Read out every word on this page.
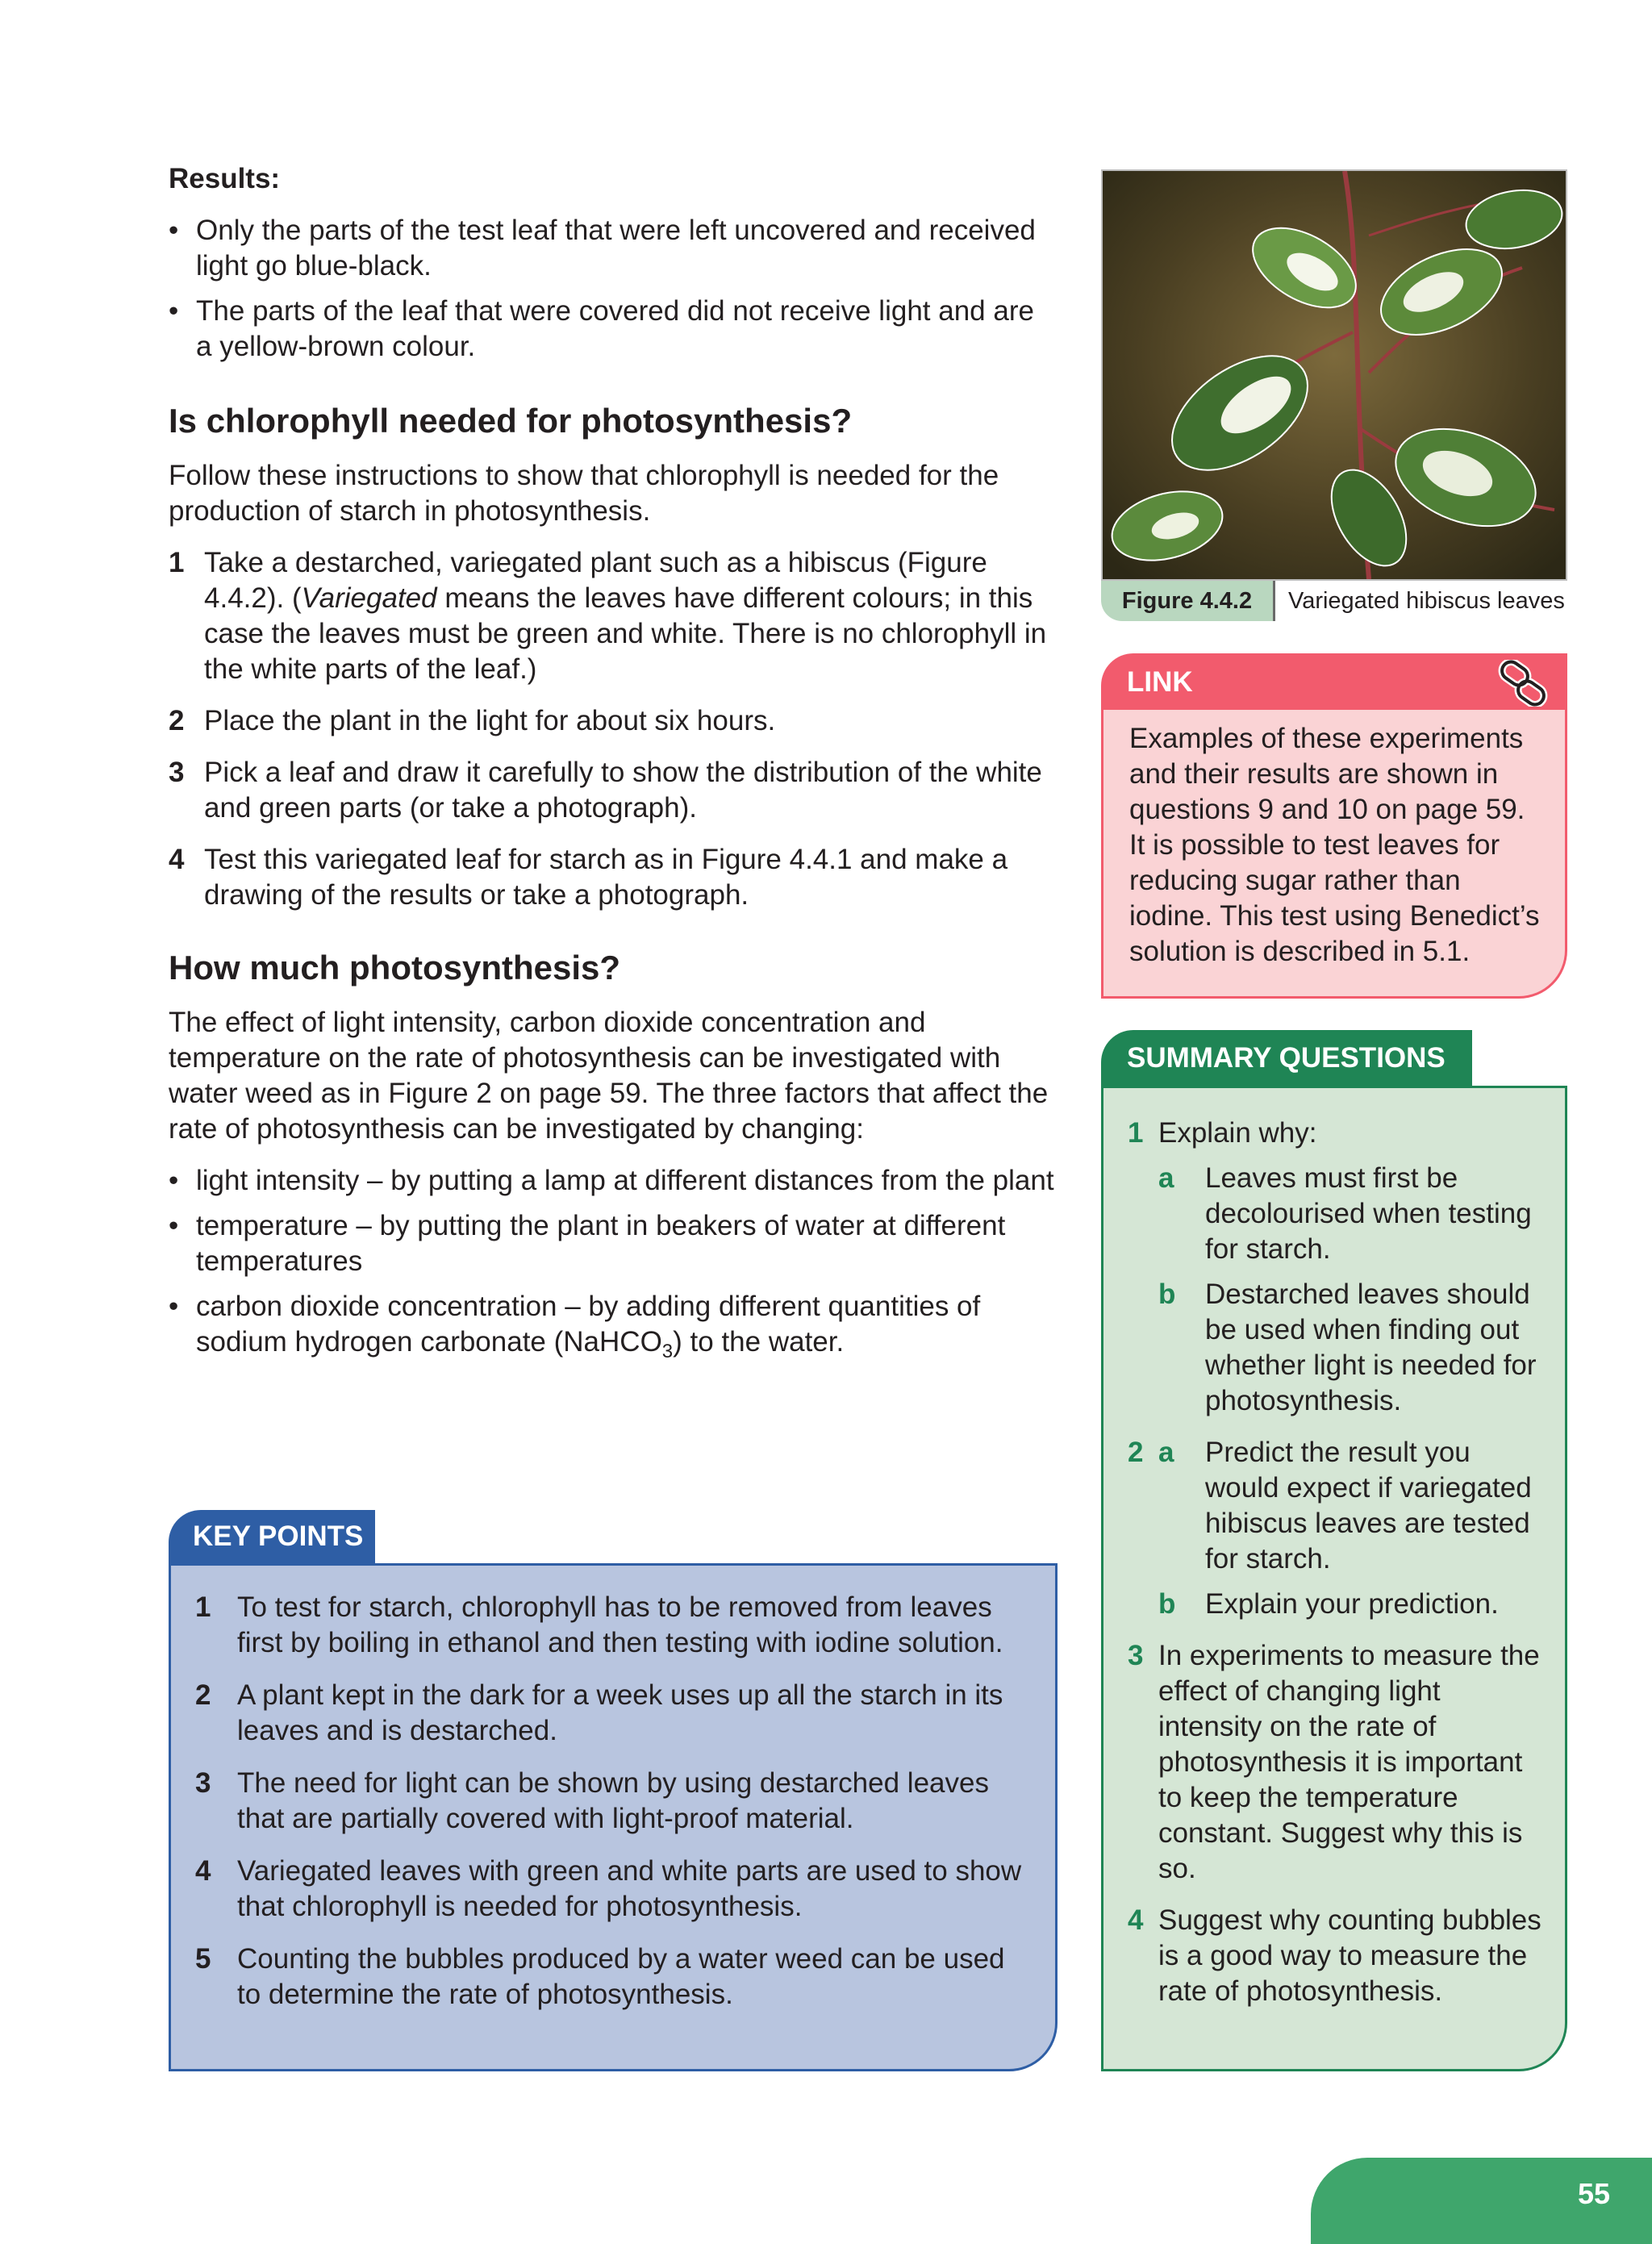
Results:

• Only the parts of the test leaf that were left uncovered and received light go blue-black.
• The parts of the leaf that were covered did not receive light and are a yellow-brown colour.
Is chlorophyll needed for photosynthesis?

Follow these instructions to show that chlorophyll is needed for the production of starch in photosynthesis.

1 Take a destarched, variegated plant such as a hibiscus (Figure 4.4.2). (Variegated means the leaves have different colours; in this case the leaves must be green and white. There is no chlorophyll in the white parts of the leaf.)
2 Place the plant in the light for about six hours.
3 Pick a leaf and draw it carefully to show the distribution of the white and green parts (or take a photograph).
4 Test this variegated leaf for starch as in Figure 4.4.1 and make a drawing of the results or take a photograph.
How much photosynthesis?

The effect of light intensity, carbon dioxide concentration and temperature on the rate of photosynthesis can be investigated with water weed as in Figure 2 on page 59. The three factors that affect the rate of photosynthesis can be investigated by changing:

• light intensity – by putting a lamp at different distances from the plant
• temperature – by putting the plant in beakers of water at different temperatures
• carbon dioxide concentration – by adding different quantities of sodium hydrogen carbonate (NaHCO$_3$) to the water.
KEY POINTS
1 To test for starch, chlorophyll has to be removed from leaves first by boiling in ethanol and then testing with iodine solution.
2 A plant kept in the dark for a week uses up all the starch in its leaves and is destarched.
3 The need for light can be shown by using destarched leaves that are partially covered with light-proof material.
4 Variegated leaves with green and white parts are used to show that chlorophyll is needed for photosynthesis.
5 Counting the bubbles produced by a water weed can be used to determine the rate of photosynthesis.
Figure 4.4.2	Variegated hibiscus leaves
LINK
Examples of these experiments and their results are shown in questions 9 and 10 on page 59. It is possible to test leaves for reducing sugar rather than iodine. This test using Benedict’s solution is described in 5.1.
SUMMARY QUESTIONS
1 Explain why:
a	Leaves must first be decolourised when testing for starch.
b	Destarched leaves should be used when finding out whether light is needed for photosynthesis.
2 a	Predict the result you would expect if variegated hibiscus leaves are tested for starch.
b	Explain your prediction.
3 In experiments to measure the effect of changing light intensity on the rate of photosynthesis it is important to keep the temperature constant. Suggest why this is so.
4 Suggest why counting bubbles is a good way to measure the rate of photosynthesis.
55
